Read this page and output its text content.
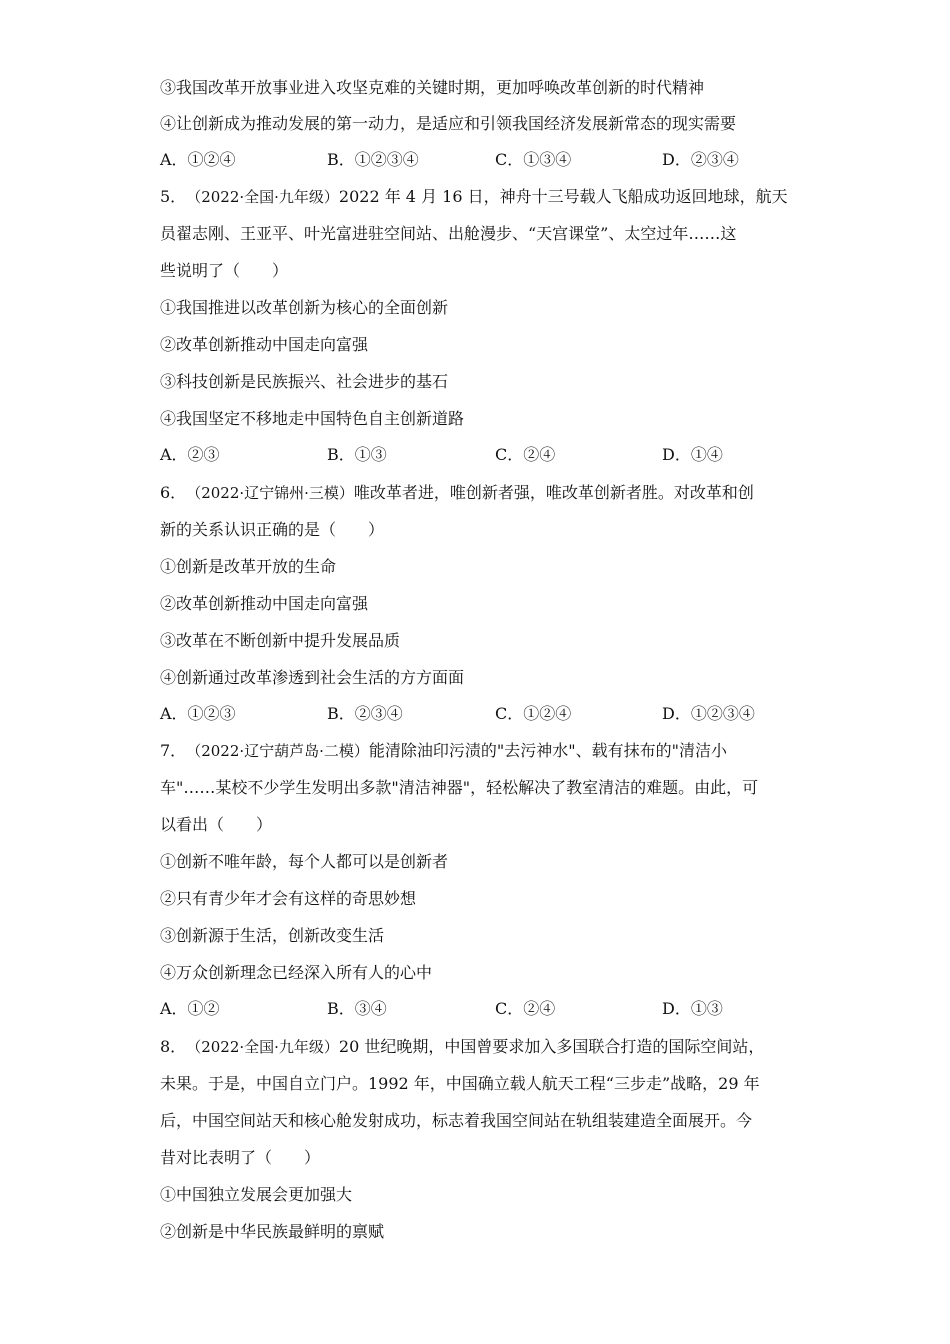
③我国改革开放事业进入攻坚克难的关键时期，更加呼唤改革创新的时代精神
④让创新成为推动发展的第一动力，是适应和引领我国经济发展新常态的现实需要
A．①②④	B．①②③④	C．①③④	D．②③④
5．（2022·全国·九年级）2022 年 4 月 16 日，神舟十三号载人飞船成功返回地球，航天
员翟志刚、王亚平、叶光富进驻空间站、出舱漫步、“天宫课堂”、太空过年……这
些说明了（　　）
①我国推进以改革创新为核心的全面创新
②改革创新推动中国走向富强
③科技创新是民族振兴、社会进步的基石
④我国坚定不移地走中国特色自主创新道路
A．②③	B．①③	C．②④	D．①④
6．（2022·辽宁锦州·三模）唯改革者进，唯创新者强，唯改革创新者胜。对改革和创
新的关系认识正确的是（　　）
①创新是改革开放的生命
②改革创新推动中国走向富强
③改革在不断创新中提升发展品质
④创新通过改革渗透到社会生活的方方面面
A．①②③	B．②③④	C．①②④	D．①②③④
7．（2022·辽宁葫芦岛·二模）能清除油印污渍的"去污神水"、载有抹布的"清洁小
车"……某校不少学生发明出多款"清洁神器"，轻松解决了教室清洁的难题。由此，可
以看出（　　）
①创新不唯年龄，每个人都可以是创新者
②只有青少年才会有这样的奇思妙想
③创新源于生活，创新改变生活
④万众创新理念已经深入所有人的心中
A．①②	B．③④	C．②④	D．①③
8．（2022·全国·九年级）20 世纪晚期，中国曾要求加入多国联合打造的国际空间站，
未果。于是，中国自立门户。1992 年，中国确立载人航天工程“三步走”战略，29 年
后，中国空间站天和核心舱发射成功，标志着我国空间站在轨组装建造全面展开。今
昔对比表明了（　　）
①中国独立发展会更加强大
②创新是中华民族最鲜明的禀赋
